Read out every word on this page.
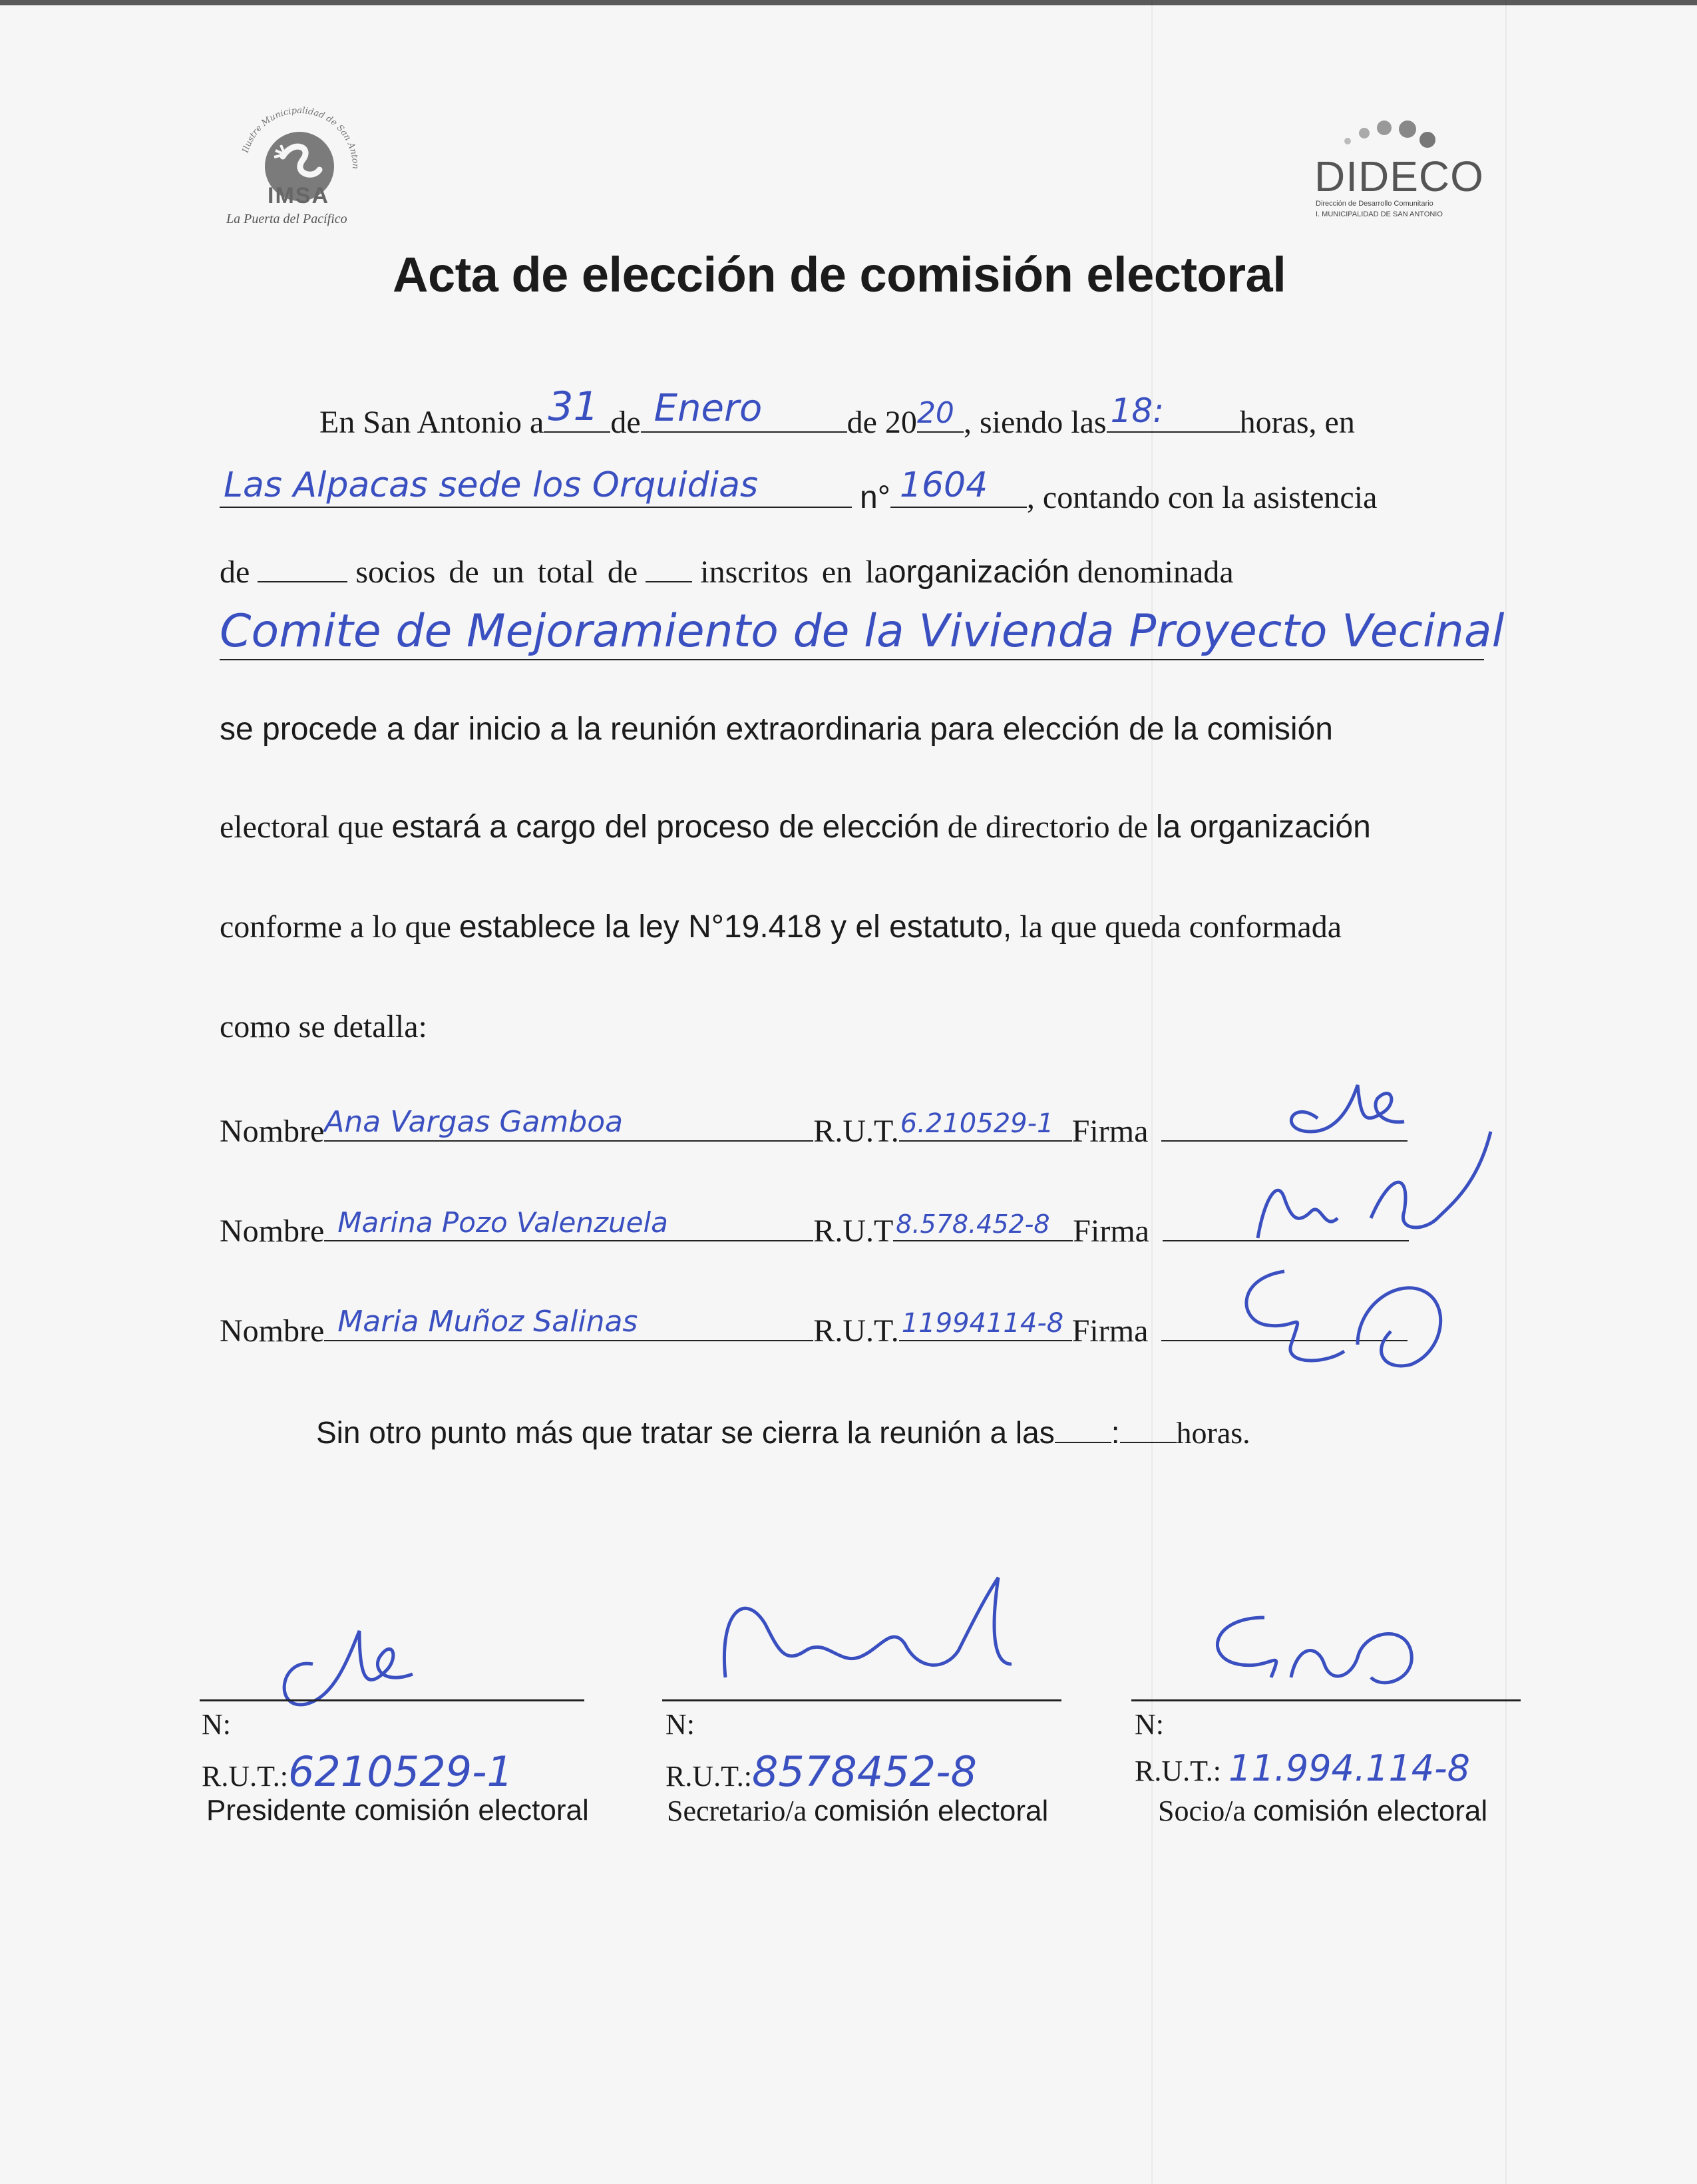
Ilustre Municipalidad de San Anton
IMSA
La Puerta del Pacífico
DIDECO
Dirección de Desarrollo Comunitario
I. MUNICIPALIDAD DE SAN ANTONIO
Acta de elección de comisión electoral
En San Antonio a 31 de Enero	de 20 20 , siendo las 18: horas, en
Las Alpacas sede los Orquidias	n° 1604 , contando con la asistencia
de	socios de un total de inscritos en laorganización denominada
Comite de Mejoramiento de la Vivienda Proyecto Vecinal
se procede a dar inicio a la reunión extraordinaria para elección de la comisión
electoral que estará a cargo del proceso de elección de directorio de la organización
conforme a lo que establece la ley N°19.418 y el estatuto, la que queda conformada
como se detalla:
Nombre Ana Vargas Gamboa	R.U.T. 6.210529-1 Firma
Nombre Marina Pozo Valenzuela	R.U.T 8.578.452-8 Firma
Nombre Maria Muñoz Salinas	R.U.T. 11994114-8 Firma
Sin otro punto más que tratar se cierra la reunión a las : horas.
N:
R.U.T.:6210529-1
Presidente comisión electoral
N:
R.U.T.:8578452-8
Secretario/a comisión electoral
N:
R.U.T.: 11.994.114-8
Socio/a comisión electoral
